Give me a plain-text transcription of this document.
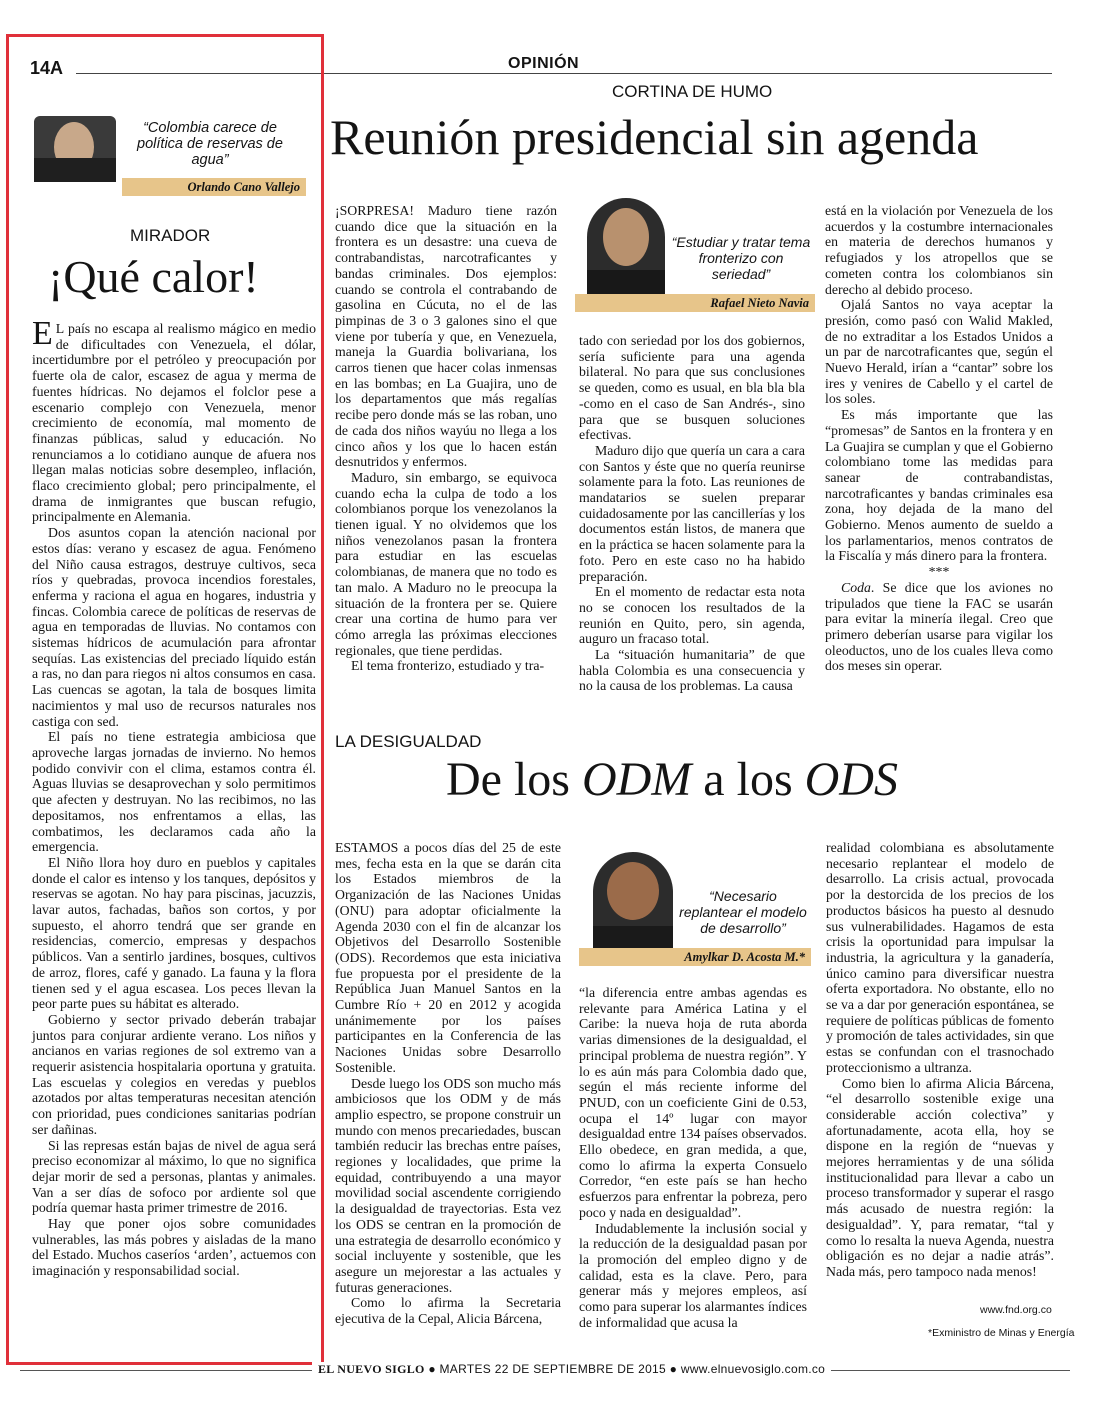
14A	OPINIÓN
“Colombia carece de política de reservas de agua”
Orlando Cano Vallejo
MIRADOR
¡Qué calor!

E L país no escapa al realismo mágico en medio de dificultades con Venezuela, el dólar, incertidumbre por el petróleo y preocupación por fuerte ola de calor, escasez de agua y merma de fuentes hídricas. No dejamos el folclor pese a escenario complejo con Venezuela, menor crecimiento de economía, mal momento de finanzas públicas, salud y educación. No renunciamos a lo cotidiano aunque de afuera nos llegan malas noticias sobre desempleo, inflación, flaco crecimiento global; pero principalmente, el drama de inmigrantes que buscan refugio, principalmente en Alemania.

Dos asuntos copan la atención nacional por estos días: verano y escasez de agua. Fenómeno del Niño causa estragos, destruye cultivos, seca ríos y quebradas, provoca incendios forestales, enferma y raciona el agua en hogares, industria y fincas. Colombia carece de políticas de reservas de agua en temporadas de lluvias. No contamos con sistemas hídricos de acumulación para afrontar sequías. Las existencias del preciado líquido están a ras, no dan para riegos ni altos consumos en casa. Las cuencas se agotan, la tala de bosques limita nacimientos y mal uso de recursos naturales nos castiga con sed.

El país no tiene estrategia ambiciosa que aproveche largas jornadas de invierno. No hemos podido convivir con el clima, estamos contra él. Aguas lluvias se desaprovechan y solo permitimos que afecten y destruyan. No las recibimos, no las depositamos, nos enfrentamos a ellas, las combatimos, les declaramos cada año la emergencia.

El Niño llora hoy duro en pueblos y capitales donde el calor es intenso y los tanques, depósitos y reservas se agotan. No hay para piscinas, jacuzzis, lavar autos, fachadas, baños son cortos, y por supuesto, el ahorro tendrá que ser grande en residencias, comercio, empresas y despachos públicos. Van a sentirlo jardines, bosques, cultivos de arroz, flores, café y ganado. La fauna y la flora tienen sed y el agua escasea. Los peces llevan la peor parte pues su hábitat es alterado.

Gobierno y sector privado deberán trabajar juntos para conjurar ardiente verano. Los niños y ancianos en varias regiones de sol extremo van a requerir asistencia hospitalaria oportuna y gratuita. Las escuelas y colegios en veredas y pueblos azotados por altas temperaturas necesitan atención con prioridad, pues condiciones sanitarias podrían ser dañinas.

Si las represas están bajas de nivel de agua será preciso economizar al máximo, lo que no significa dejar morir de sed a personas, plantas y animales. Van a ser días de sofoco por ardiente sol que podría quemar hasta primer trimestre de 2016.

Hay que poner ojos sobre comunidades vulnerables, las más pobres y aisladas de la mano del Estado. Muchos caseríos ‘arden’, actuemos con imaginación y responsabilidad social.

CORTINA DE HUMO
Reunión presidencial sin agenda

¡SORPRESA! Maduro tiene razón cuando dice que la situación en la frontera es un desastre: una cueva de contrabandistas, narcotraficantes y bandas criminales. Dos ejemplos: cuando se controla el contrabando de gasolina en Cúcuta, no el de las pimpinas de 3 o 3 galones sino el que viene por tubería y que, en Venezuela, maneja la Guardia bolivariana, los carros tienen que hacer colas inmensas en las bombas; en La Guajira, uno de los departamentos que más regalías recibe pero donde más se las roban, uno de cada dos niños wayúu no llega a los cinco años y los que lo hacen están desnutridos y enfermos.

Maduro, sin embargo, se equivoca cuando echa la culpa de todo a los colombianos porque los venezolanos la tienen igual. Y no olvidemos que los niños venezolanos pasan la frontera para estudiar en las escuelas colombianas, de manera que no todo es tan malo. A Maduro no le preocupa la situación de la frontera per se. Quiere crear una cortina de humo para ver cómo arregla las próximas elecciones regionales, que tiene perdidas.

El tema fronterizo, estudiado y tra-

“Estudiar y tratar tema fronterizo con seriedad”
Rafael Nieto Navia

tado con seriedad por los dos gobiernos, sería suficiente para una agenda bilateral. No para que sus conclusiones se queden, como es usual, en bla bla bla -como en el caso de San Andrés-, sino para que se busquen soluciones efectivas.

Maduro dijo que quería un cara a cara con Santos y éste que no quería reunirse solamente para la foto. Las reuniones de mandatarios se suelen preparar cuidadosamente por las cancillerías y los documentos están listos, de manera que en la práctica se hacen solamente para la foto. Pero en este caso no ha habido preparación.

En el momento de redactar esta nota no se conocen los resultados de la reunión en Quito, pero, sin agenda, auguro un fracaso total.

La “situación humanitaria” de que habla Colombia es una consecuencia y no la causa de los problemas. La causa

está en la violación por Venezuela de los acuerdos y la costumbre internacionales en materia de derechos humanos y refugiados y los atropellos que se cometen contra los colombianos sin derecho al debido proceso.

Ojalá Santos no vaya aceptar la presión, como pasó con Walid Makled, de no extraditar a los Estados Unidos a un par de narcotraficantes que, según el Nuevo Herald, irían a “cantar” sobre los ires y venires de Cabello y el cartel de los soles.

Es más importante que las “promesas” de Santos en la frontera y en La Guajira se cumplan y que el Gobierno colombiano tome las medidas para sanear de contrabandistas, narcotraficantes y bandas criminales esa zona, hoy dejada de la mano del Gobierno. Menos aumento de sueldo a los parlamentarios, menos contratos de la Fiscalía y más dinero para la frontera.

***

Coda. Se dice que los aviones no tripulados que tiene la FAC se usarán para evitar la minería ilegal. Creo que primero deberían usarse para vigilar los oleoductos, uno de los cuales lleva como dos meses sin operar.

LA DESIGUALDAD
De los ODM a los ODS

ESTAMOS a pocos días del 25 de este mes, fecha esta en la que se darán cita los Estados miembros de la Organización de las Naciones Unidas (ONU) para adoptar oficialmente la Agenda 2030 con el fin de alcanzar los Objetivos del Desarrollo Sostenible (ODS). Recordemos que esta iniciativa fue propuesta por el presidente de la República Juan Manuel Santos en la Cumbre Río + 20 en 2012 y acogida unánimemente por los países participantes en la Conferencia de las Naciones Unidas sobre Desarrollo Sostenible.

Desde luego los ODS son mucho más ambiciosos que los ODM y de más amplio espectro, se propone construir un mundo con menos precariedades, buscan también reducir las brechas entre países, regiones y localidades, que prime la equidad, contribuyendo a una mayor movilidad social ascendente corrigiendo la desigualdad de trayectorias. Esta vez los ODS se centran en la promoción de una estrategia de desarrollo económico y social incluyente y sostenible, que les asegure un mejorestar a las actuales y futuras generaciones.

Como lo afirma la Secretaria ejecutiva de la Cepal, Alicia Bárcena,

“Necesario replantear el modelo de desarrollo”
Amylkar D. Acosta M.*

“la diferencia entre ambas agendas es relevante para América Latina y el Caribe: la nueva hoja de ruta aborda varias dimensiones de la desigualdad, el principal problema de nuestra región”. Y lo es aún más para Colombia dado que, según el más reciente informe del PNUD, con un coeficiente Gini de 0.53, ocupa el 14º lugar con mayor desigualdad entre 134 países observados. Ello obedece, en gran medida, a que, como lo afirma la experta Consuelo Corredor, “en este país se han hecho esfuerzos para enfrentar la pobreza, pero poco y nada en desigualdad”.

Indudablemente la inclusión social y la reducción de la desigualdad pasan por la promoción del empleo digno y de calidad, esta es la clave. Pero, para generar más y mejores empleos, así como para superar los alarmantes índices de informalidad que acusa la

realidad colombiana es absolutamente necesario replantear el modelo de desarrollo. La crisis actual, provocada por la destorcida de los precios de los productos básicos ha puesto al desnudo sus vulnerabilidades. Hagamos de esta crisis la oportunidad para impulsar la industria, la agricultura y la ganadería, único camino para diversificar nuestra oferta exportadora. No obstante, ello no se va a dar por generación espontánea, se requiere de políticas públicas de fomento y promoción de tales actividades, sin que estas se confundan con el trasnochado proteccionismo a ultranza.

Como bien lo afirma Alicia Bárcena, “el desarrollo sostenible exige una considerable acción colectiva” y afortunadamente, acota ella, hoy se dispone en la región de “nuevas y mejores herramientas y de una sólida institucionalidad para llevar a cabo un proceso transformador y superar el rasgo más acusado de nuestra región: la desigualdad”. Y, para rematar, “tal y como lo resalta la nueva Agenda, nuestra obligación es no dejar a nadie atrás”. Nada más, pero tampoco nada menos!

www.fnd.org.co
*Exministro de Minas y Energía
EL NUEVO SIGLO ● MARTES 22 DE SEPTIEMBRE DE 2015 ● www.elnuevosiglo.com.co
